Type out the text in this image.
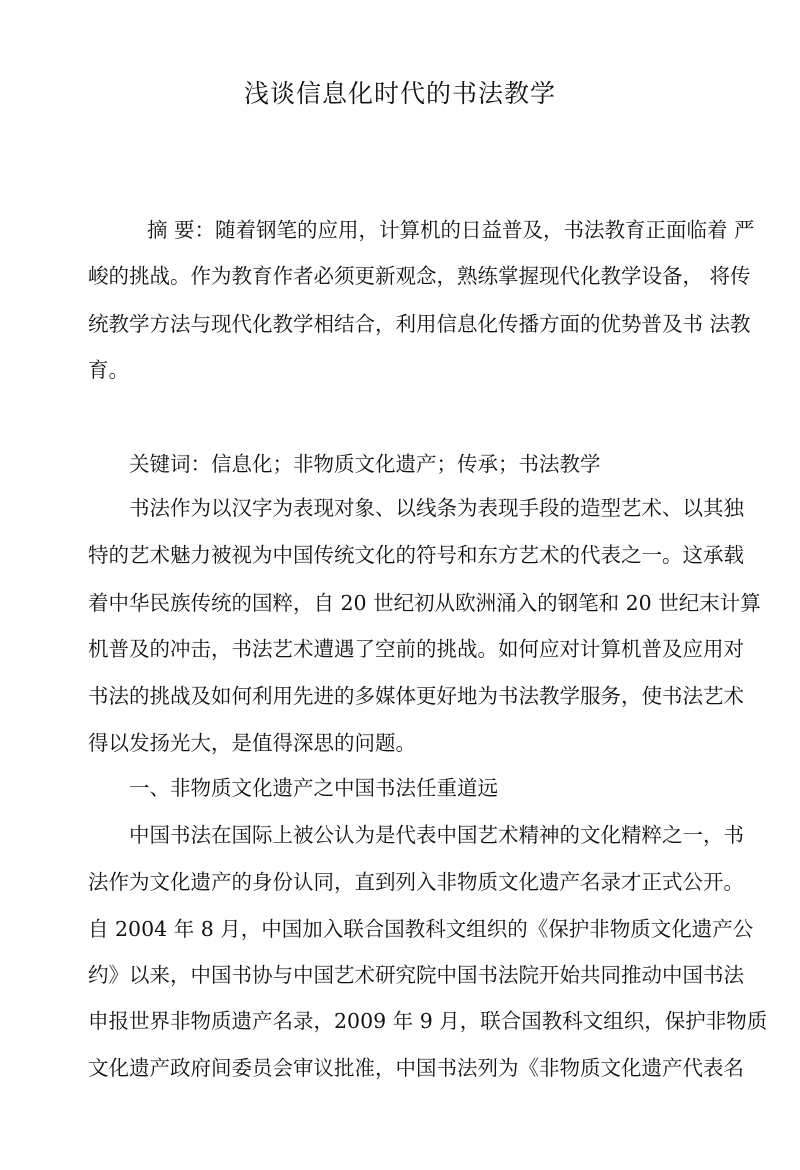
浅谈信息化时代的书法教学
摘 要：随着钢笔的应用，计算机的日益普及，书法教育正面临着 严
峻的挑战。作为教育作者必须更新观念，熟练掌握现代化教学设备， 将传
统教学方法与现代化教学相结合，利用信息化传播方面的优势普及书 法教
育。
关键词：信息化；非物质文化遗产；传承；书法教学
书法作为以汉字为表现对象、以线条为表现手段的造型艺术、以其独
特的艺术魅力被视为中国传统文化的符号和东方艺术的代表之一。这承载
着中华民族传统的国粹，自 20 世纪初从欧洲涌入的钢笔和 20 世纪末计算
机普及的冲击，书法艺术遭遇了空前的挑战。如何应对计算机普及应用对
书法的挑战及如何利用先进的多媒体更好地为书法教学服务，使书法艺术
得以发扬光大，是值得深思的问题。
一、非物质文化遗产之中国书法任重道远
中国书法在国际上被公认为是代表中国艺术精神的文化精粹之一，书
法作为文化遗产的身份认同，直到列入非物质文化遗产名录才正式公开。
自 2004 年 8 月，中国加入联合国教科文组织的《保护非物质文化遗产公
约》以来，中国书协与中国艺术研究院中国书法院开始共同推动中国书法
申报世界非物质遗产名录，2009 年 9 月，联合国教科文组织，保护非物质
文化遗产政府间委员会审议批准，中国书法列为《非物质文化遗产代表名
